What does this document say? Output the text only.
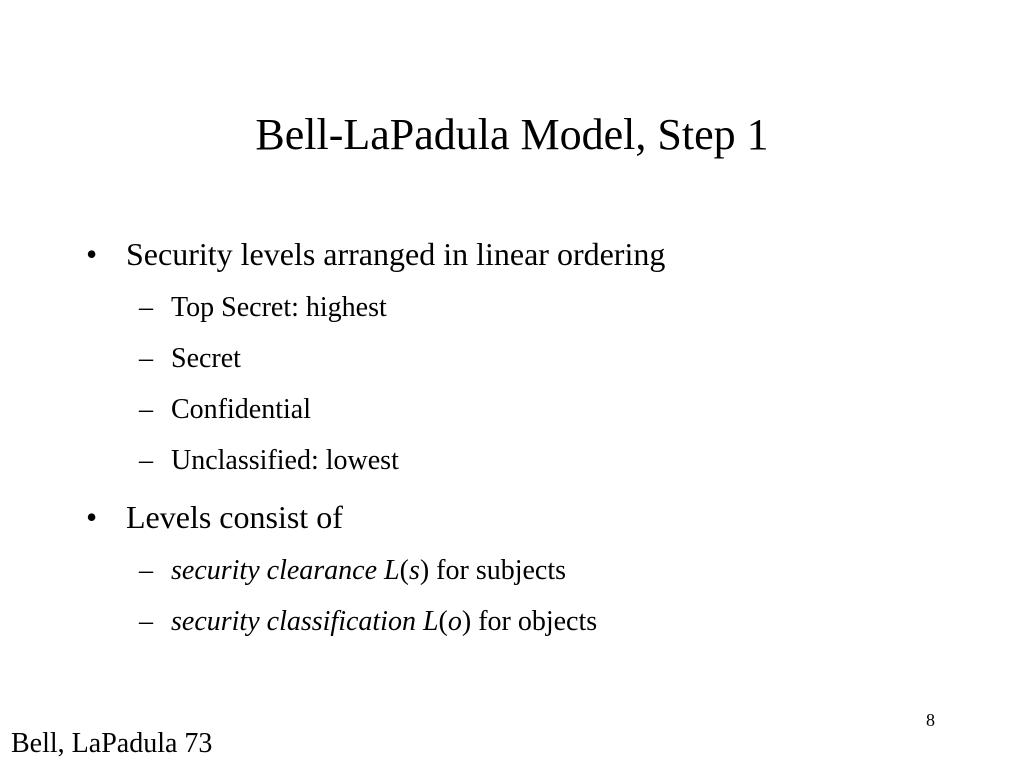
Bell-LaPadula Model, Step 1
• Security levels arranged in linear ordering
– Top Secret: highest
– Secret
– Confidential
– Unclassified: lowest
• Levels consist of
– security clearance L(s) for subjects
– security classification L(o) for objects
8
Bell, LaPadula 73
